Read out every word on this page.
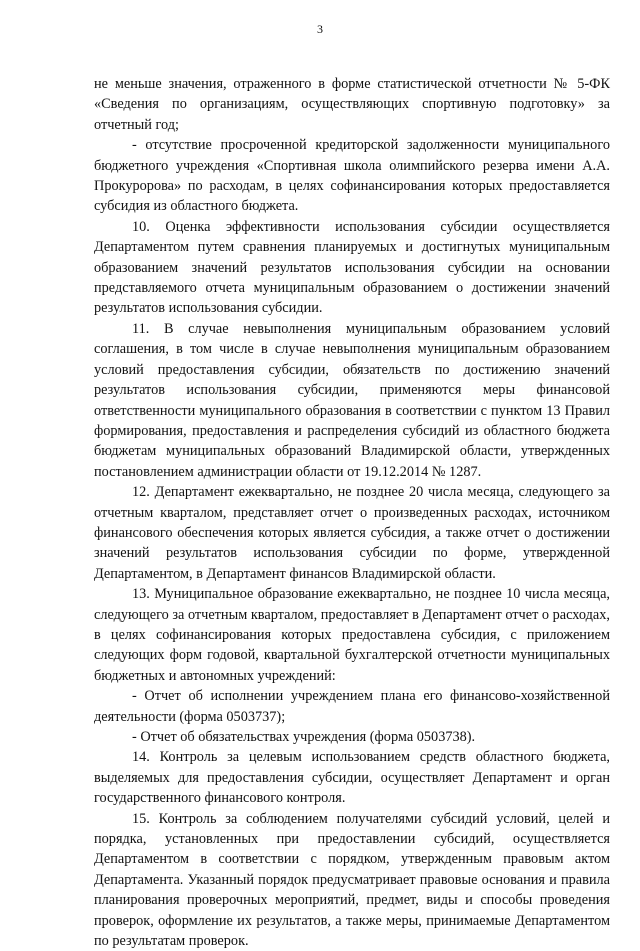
3

не меньше значения, отраженного в форме статистической отчетности № 5-ФК «Сведения по организациям, осуществляющих спортивную подготовку» за отчетный год;

- отсутствие просроченной кредиторской задолженности муниципального бюджетного учреждения «Спортивная школа олимпийского резерва имени А.А. Прокуророва» по расходам, в целях софинансирования которых предоставляется субсидия из областного бюджета.

10. Оценка эффективности использования субсидии осуществляется Департаментом путем сравнения планируемых и достигнутых муниципальным образованием значений результатов использования субсидии на основании представляемого отчета муниципальным образованием о достижении значений результатов использования субсидии.

11. В случае невыполнения муниципальным образованием условий соглашения, в том числе в случае невыполнения муниципальным образованием условий предоставления субсидии, обязательств по достижению значений результатов использования субсидии, применяются меры финансовой ответственности муниципального образования в соответствии с пунктом 13 Правил формирования, предоставления и распределения субсидий из областного бюджета бюджетам муниципальных образований Владимирской области, утвержденных постановлением администрации области от 19.12.2014 № 1287.

12. Департамент ежеквартально, не позднее 20 числа месяца, следующего за отчетным кварталом, представляет отчет о произведенных расходах, источником финансового обеспечения которых является субсидия, а также отчет о достижении значений результатов использования субсидии по форме, утвержденной Департаментом, в Департамент финансов Владимирской области.

13. Муниципальное образование ежеквартально, не позднее 10 числа месяца, следующего за отчетным кварталом, предоставляет в Департамент отчет о расходах, в целях софинансирования которых предоставлена субсидия, с приложением следующих форм годовой, квартальной бухгалтерской отчетности муниципальных бюджетных и автономных учреждений:

- Отчет об исполнении учреждением плана его финансово-хозяйственной деятельности (форма 0503737);

- Отчет об обязательствах учреждения (форма 0503738).

14. Контроль за целевым использованием средств областного бюджета, выделяемых для предоставления субсидии, осуществляет Департамент и орган государственного финансового контроля.

15. Контроль за соблюдением получателями субсидий условий, целей и порядка, установленных при предоставлении субсидий, осуществляется Департаментом в соответствии с порядком, утвержденным правовым актом Департамента. Указанный порядок предусматривает правовые основания и правила планирования проверочных мероприятий, предмет, виды и способы проведения проверок, оформление их результатов, а также меры, принимаемые Департаментом по результатам проверок.
